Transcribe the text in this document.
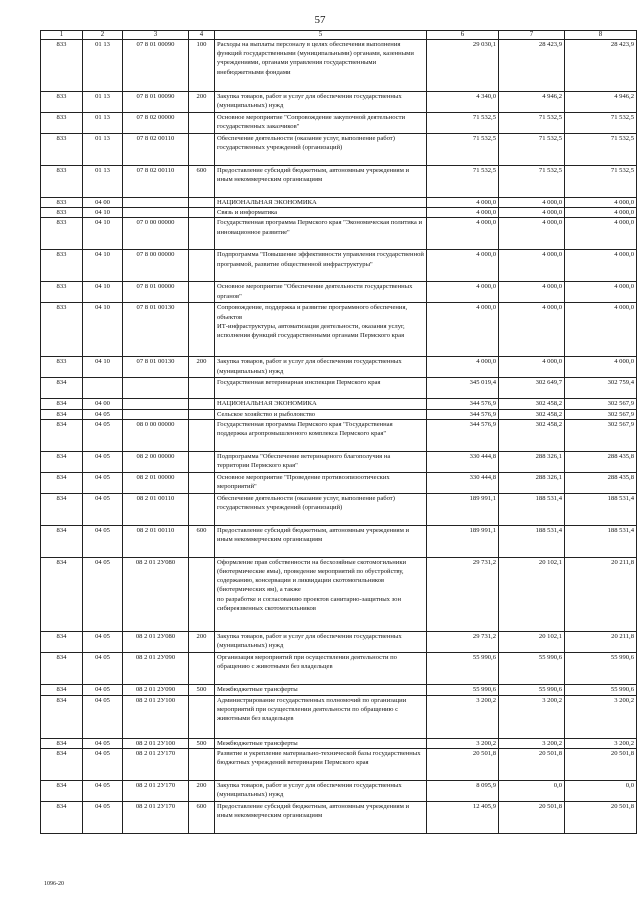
57
1	2	3	4	5	6	7	8
833	01 13	07 8 01 00090	100	Расходы на выплаты персоналу в целях обеспечения выполнения функций государственными (муниципальными) органами, казенными учреждениями, органами управления государственными внебюджетными фондами	29 030,1	28 423,9	28 423,9
833	01 13	07 8 01 00090	200	Закупка товаров, работ и услуг для обеспечения государственных (муниципальных) нужд	4 340,0	4 946,2	4 946,2
833	01 13	07 8 02 00000		Основное мероприятие "Сопровождение закупочной деятельности государственных заказчиков"	71 532,5	71 532,5	71 532,5
833	01 13	07 8 02 00110		Обеспечение деятельности (оказание услуг, выполнение работ) государственных учреждений (организаций)	71 532,5	71 532,5	71 532,5
833	01 13	07 8 02 00110	600	Предоставление субсидий бюджетным, автономным учреждениям и иным некоммерческим организациям	71 532,5	71 532,5	71 532,5
833	04 00			НАЦИОНАЛЬНАЯ ЭКОНОМИКА	4 000,0	4 000,0	4 000,0
833	04 10			Связь и информатика	4 000,0	4 000,0	4 000,0
833	04 10	07 0 00 00000		Государственная программа Пермского края "Экономическая политика и инновационное развитие"	4 000,0	4 000,0	4 000,0
833	04 10	07 8 00 00000		Подпрограмма "Повышение эффективности управления государственной программой, развитие общественной инфраструктуры"	4 000,0	4 000,0	4 000,0
833	04 10	07 8 01 00000		Основное мероприятие "Обеспечение деятельности государственных органов"	4 000,0	4 000,0	4 000,0
833	04 10	07 8 01 00130		Сопровождение, поддержка и развитие программного обеспечения, объектов
ИТ-инфраструктуры, автоматизация деятельности, оказания услуг, исполнения функций государственными органами Пермского края	4 000,0	4 000,0	4 000,0
833	04 10	07 8 01 00130	200	Закупка товаров, работ и услуг для обеспечения государственных (муниципальных) нужд	4 000,0	4 000,0	4 000,0
834				Государственная ветеринарная инспекция Пермского края	345 019,4	302 649,7	302 759,4
834	04 00			НАЦИОНАЛЬНАЯ ЭКОНОМИКА	344 576,9	302 458,2	302 567,9
834	04 05			Сельское хозяйство и рыболовство	344 576,9	302 458,2	302 567,9
834	04 05	08 0 00 00000		Государственная программа Пермского края "Государственная поддержка агропромышленного комплекса Пермского края"	344 576,9	302 458,2	302 567,9
834	04 05	08 2 00 00000		Подпрограмма "Обеспечение ветеринарного благополучия на территории Пермского края"	330 444,8	288 326,1	288 435,8
834	04 05	08 2 01 00000		Основное мероприятие "Проведение противоэпизоотических мероприятий"	330 444,8	288 326,1	288 435,8
834	04 05	08 2 01 00110		Обеспечение деятельности (оказание услуг, выполнение работ) государственных учреждений (организаций)	189 991,1	188 531,4	188 531,4
834	04 05	08 2 01 00110	600	Предоставление субсидий бюджетным, автономным учреждениям и иным некоммерческим организациям	189 991,1	188 531,4	188 531,4
834	04 05	08 2 01 2У080		Оформление прав собственности на бесхозяйные скотомогильники (биотермические ямы), проведение мероприятий по обустройству, содержанию, консервации и ликвидации скотомогильников (биотермических ям), а также
по разработке и согласованию проектов санитарно-защитных зон сибиреязвенных скотомогильников	29 731,2	20 102,1	20 211,8
834	04 05	08 2 01 2У080	200	Закупка товаров, работ и услуг для обеспечения государственных (муниципальных) нужд	29 731,2	20 102,1	20 211,8
834	04 05	08 2 01 2У090		Организация мероприятий при осуществлении деятельности по обращению с животными без владельцев	55 990,6	55 990,6	55 990,6
834	04 05	08 2 01 2У090	500	Межбюджетные трансферты	55 990,6	55 990,6	55 990,6
834	04 05	08 2 01 2У100		Администрирование государственных полномочий по организации мероприятий при осуществлении деятельности по обращению с животными без владельцев	3 200,2	3 200,2	3 200,2
834	04 05	08 2 01 2У100	500	Межбюджетные трансферты	3 200,2	3 200,2	3 200,2
834	04 05	08 2 01 2У170		Развитие и укрепление материально-технической базы государственных бюджетных учреждений ветеринарии Пермского края	20 501,8	20 501,8	20 501,8
834	04 05	08 2 01 2У170	200	Закупка товаров, работ и услуг для обеспечения государственных (муниципальных) нужд	8 095,9	0,0	0,0
834	04 05	08 2 01 2У170	600	Предоставление субсидий бюджетным, автономным учреждениям и иным некоммерческим организациям	12 405,9	20 501,8	20 501,8
1096-20
